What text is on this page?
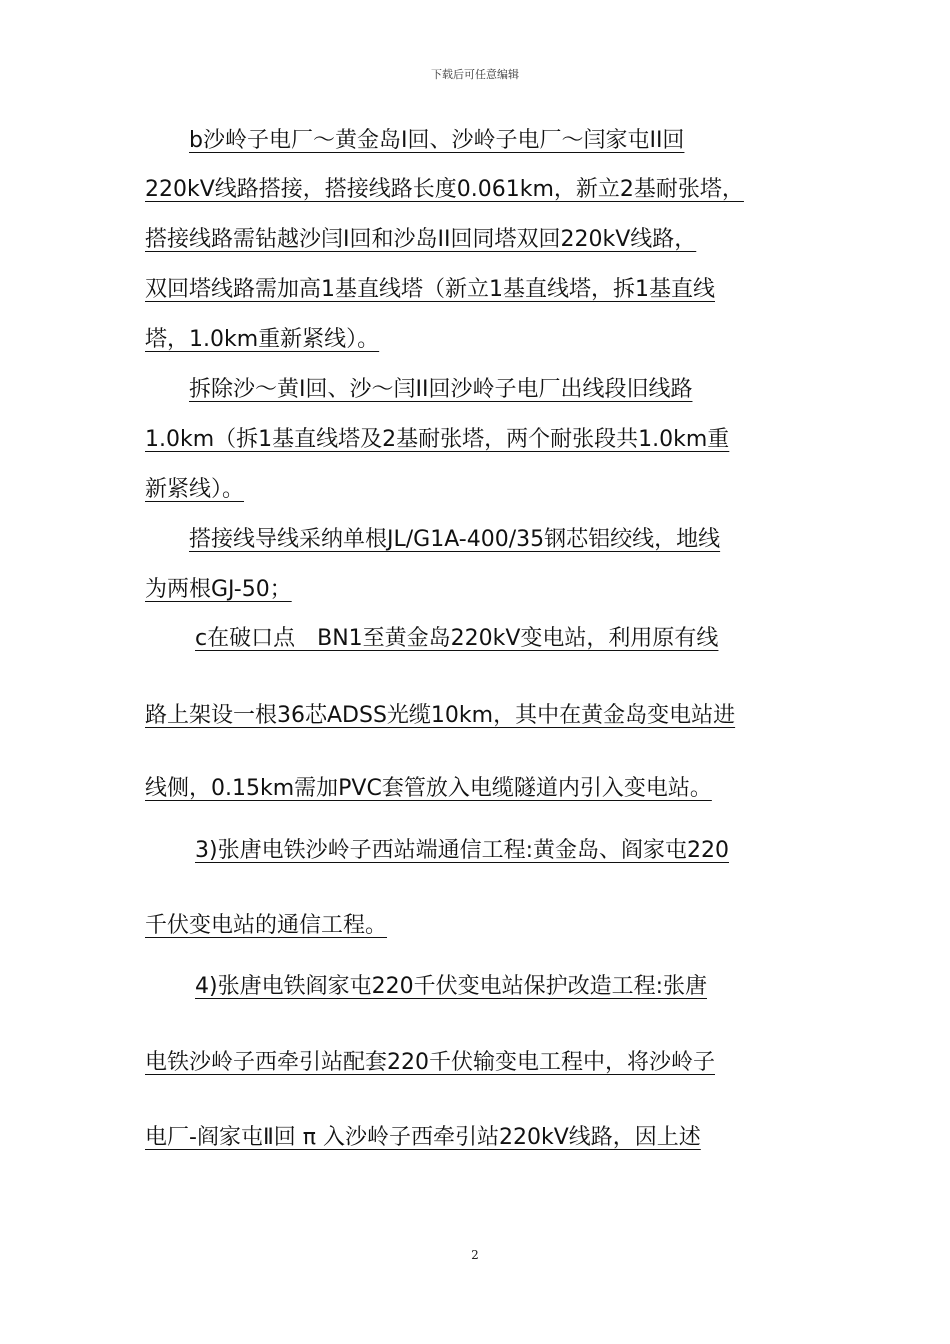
下载后可任意编辑
b沙岭子电厂～黄金岛Ⅰ回、沙岭子电厂～闫家屯II回
220kV线路搭接，搭接线路长度0.061km，新立2基耐张塔，
搭接线路需钻越沙闫Ⅰ回和沙岛II回同塔双回220kV线路，
双回塔线路需加高1基直线塔（新立1基直线塔，拆1基直线
塔，1.0km重新紧线）。
拆除沙～黄Ⅰ回、沙～闫II回沙岭子电厂出线段旧线路
1.0km（拆1基直线塔及2基耐张塔，两个耐张段共1.0km重
新紧线）。
搭接线导线采纳单根JL/G1A-400/35钢芯铝绞线，地线
为两根GJ-50；
c在破口点　BN1至黄金岛220kV变电站，利用原有线
路上架设一根36芯ADSS光缆10km，其中在黄金岛变电站进
线侧，0.15km需加PVC套管放入电缆隧道内引入变电站。
3)张唐电铁沙岭子西站端通信工程:黄金岛、阎家屯220
千伏变电站的通信工程。
4)张唐电铁阎家屯220千伏变电站保护改造工程:张唐
电铁沙岭子西牵引站配套220千伏输变电工程中，将沙岭子
电厂-阎家屯Ⅱ回 π 入沙岭子西牵引站220kV线路，因上述
2
